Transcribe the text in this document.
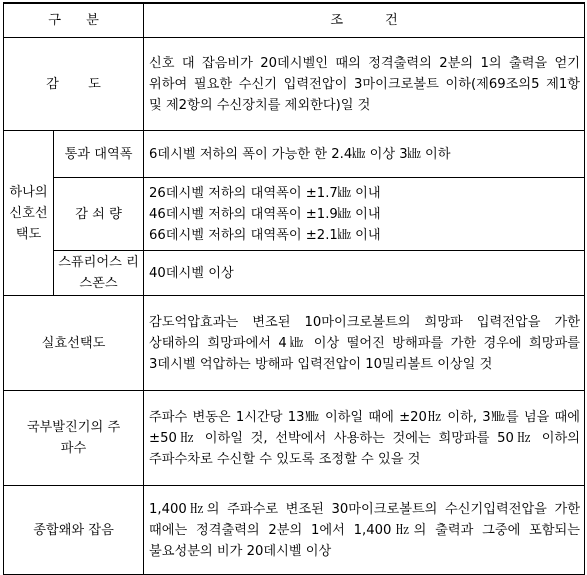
구      분		조          건
감       도		신호 대 잡음비가 20데시벨인 때의 정격출력의 2분의 1의 출력을 얻기 위하여 필요한 수신기 입력전압이 3마이크로볼트 이하(제69조의5 제1항 및 제2항의 수신장치를 제외한다)일 것
하나의 신호선택도	통과 대역폭	6데시벨 저하의 폭이 가능한 한 2.4㎑ 이상 3㎑ 이하
	감 쇠 량	26데시벨 저하의 대역폭이 ±1.7㎑ 이내
46데시벨 저하의 대역폭이 ±1.9㎑ 이내
66데시벨 저하의 대역폭이 ±2.1㎑ 이내

	스퓨리어스 리스폰스	40데시벨 이상
실효선택도		감도억압효과는 변조된 10마이크로볼트의 희망파 입력전압을 가한 상태하의 희망파에서 4㎑ 이상 떨어진 방해파를 가한 경우에 희망파를 3데시벨 억압하는 방해파 입력전압이 10밀리볼트 이상일 것
국부발진기의 주파수		주파수 변동은 1시간당 13㎒ 이하일 때에 ±20㎐ 이하, 3㎒를 넘을 때에 ±50㎐ 이하일 것, 선박에서 사용하는 것에는 희망파를 50㎐ 이하의 주파수차로 수신할 수 있도록 조정할 수 있을 것
종합왜와 잡음		1,400㎐의 주파수로 변조된 30마이크로볼트의 수신기입력전압을 가한 때에는 정격출력의 2분의 1에서 1,400㎐의 출력과 그중에 포함되는 불요성분의 비가 20데시벨 이상
